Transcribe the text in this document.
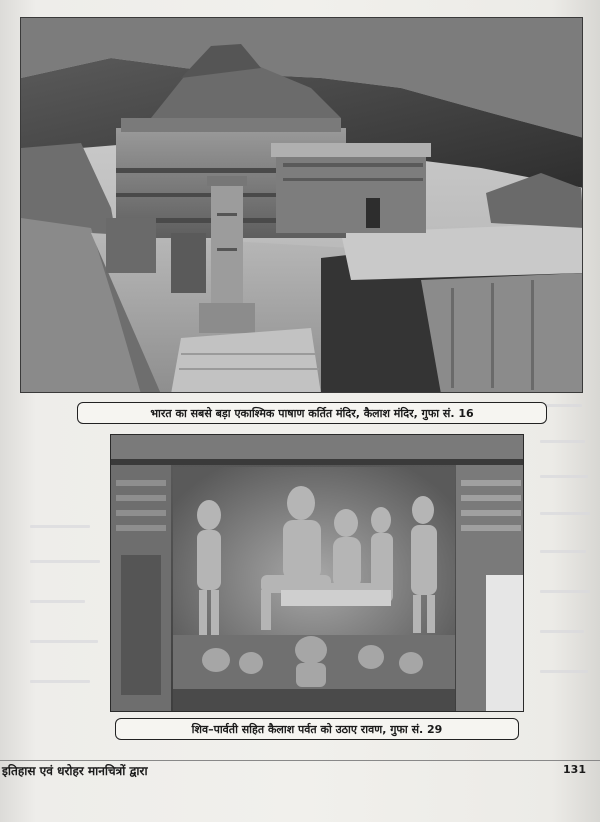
भारत का सबसे बड़ा एकाश्मिक पाषाण कर्तित मंदिर, कैलाश मंदिर, गुफा सं. 16
शिव–पार्वती सहित कैलाश पर्वत को उठाए रावण, गुफा सं. 29
इतिहास एवं धरोहर मानचित्रों द्वारा	131
